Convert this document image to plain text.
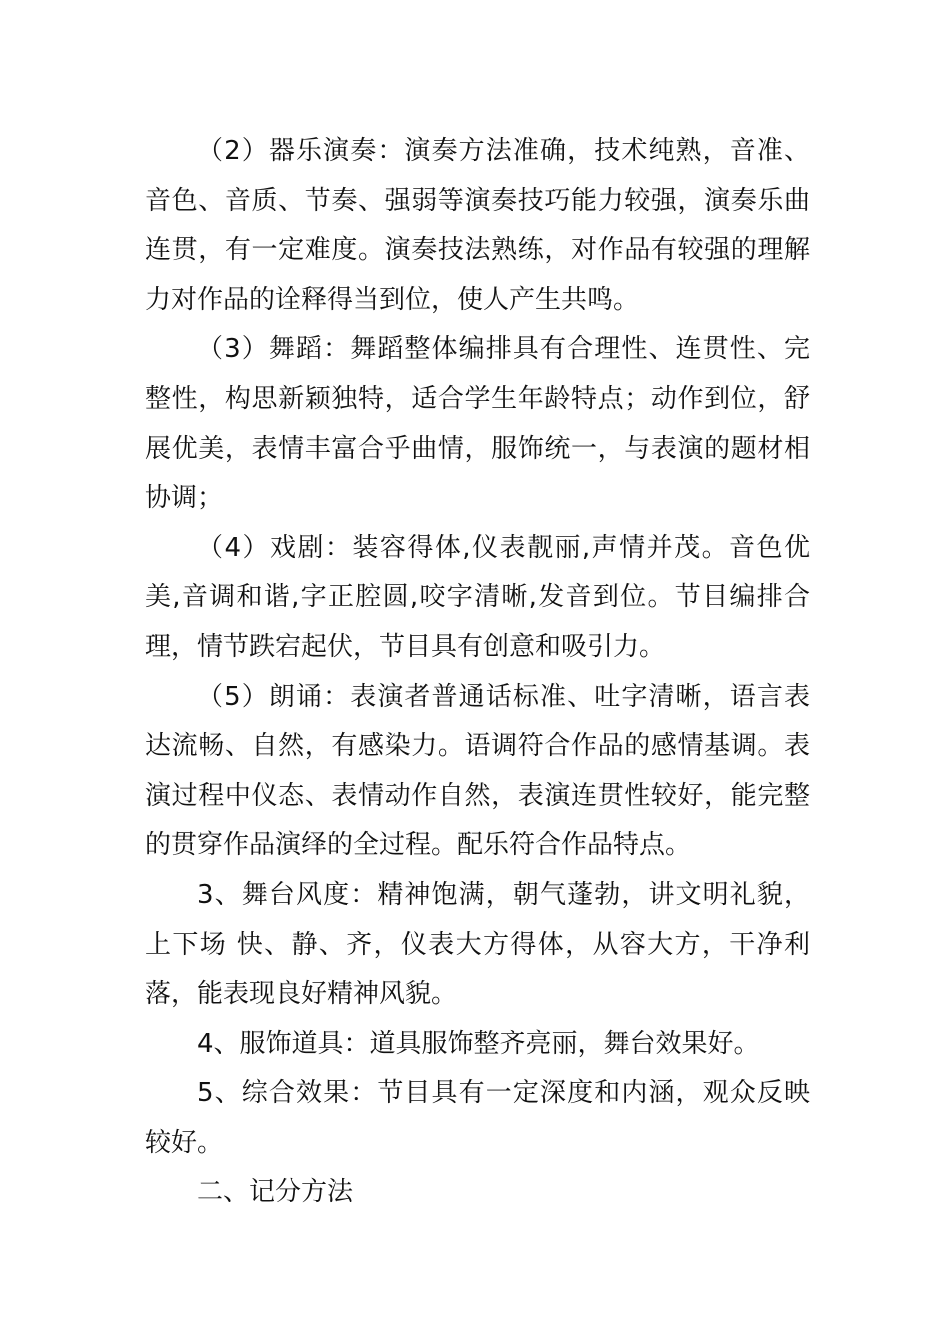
（2）器乐演奏：演奏方法准确，技术纯熟，音准、音色、音质、节奏、强弱等演奏技巧能力较强，演奏乐曲连贯，有一定难度。演奏技法熟练，对作品有较强的理解力对作品的诠释得当到位，使人产生共鸣。

（3）舞蹈：舞蹈整体编排具有合理性、连贯性、完整性，构思新颖独特，适合学生年龄特点；动作到位，舒展优美，表情丰富合乎曲情，服饰统一，与表演的题材相协调；

（4）戏剧：装容得体,仪表靓丽,声情并茂。音色优美,音调和谐,字正腔圆,咬字清晰,发音到位。节目编排合理，情节跌宕起伏，节目具有创意和吸引力。

（5）朗诵：表演者普通话标准、吐字清晰，语言表达流畅、自然，有感染力。语调符合作品的感情基调。表演过程中仪态、表情动作自然，表演连贯性较好，能完整的贯穿作品演绎的全过程。配乐符合作品特点。

3、舞台风度：精神饱满，朝气蓬勃，讲文明礼貌，上下场 快、静、齐，仪表大方得体，从容大方，干净利落，能表现良好精神风貌。

4、服饰道具：道具服饰整齐亮丽，舞台效果好。

5、综合效果：节目具有一定深度和内涵，观众反映较好。

二、记分方法
